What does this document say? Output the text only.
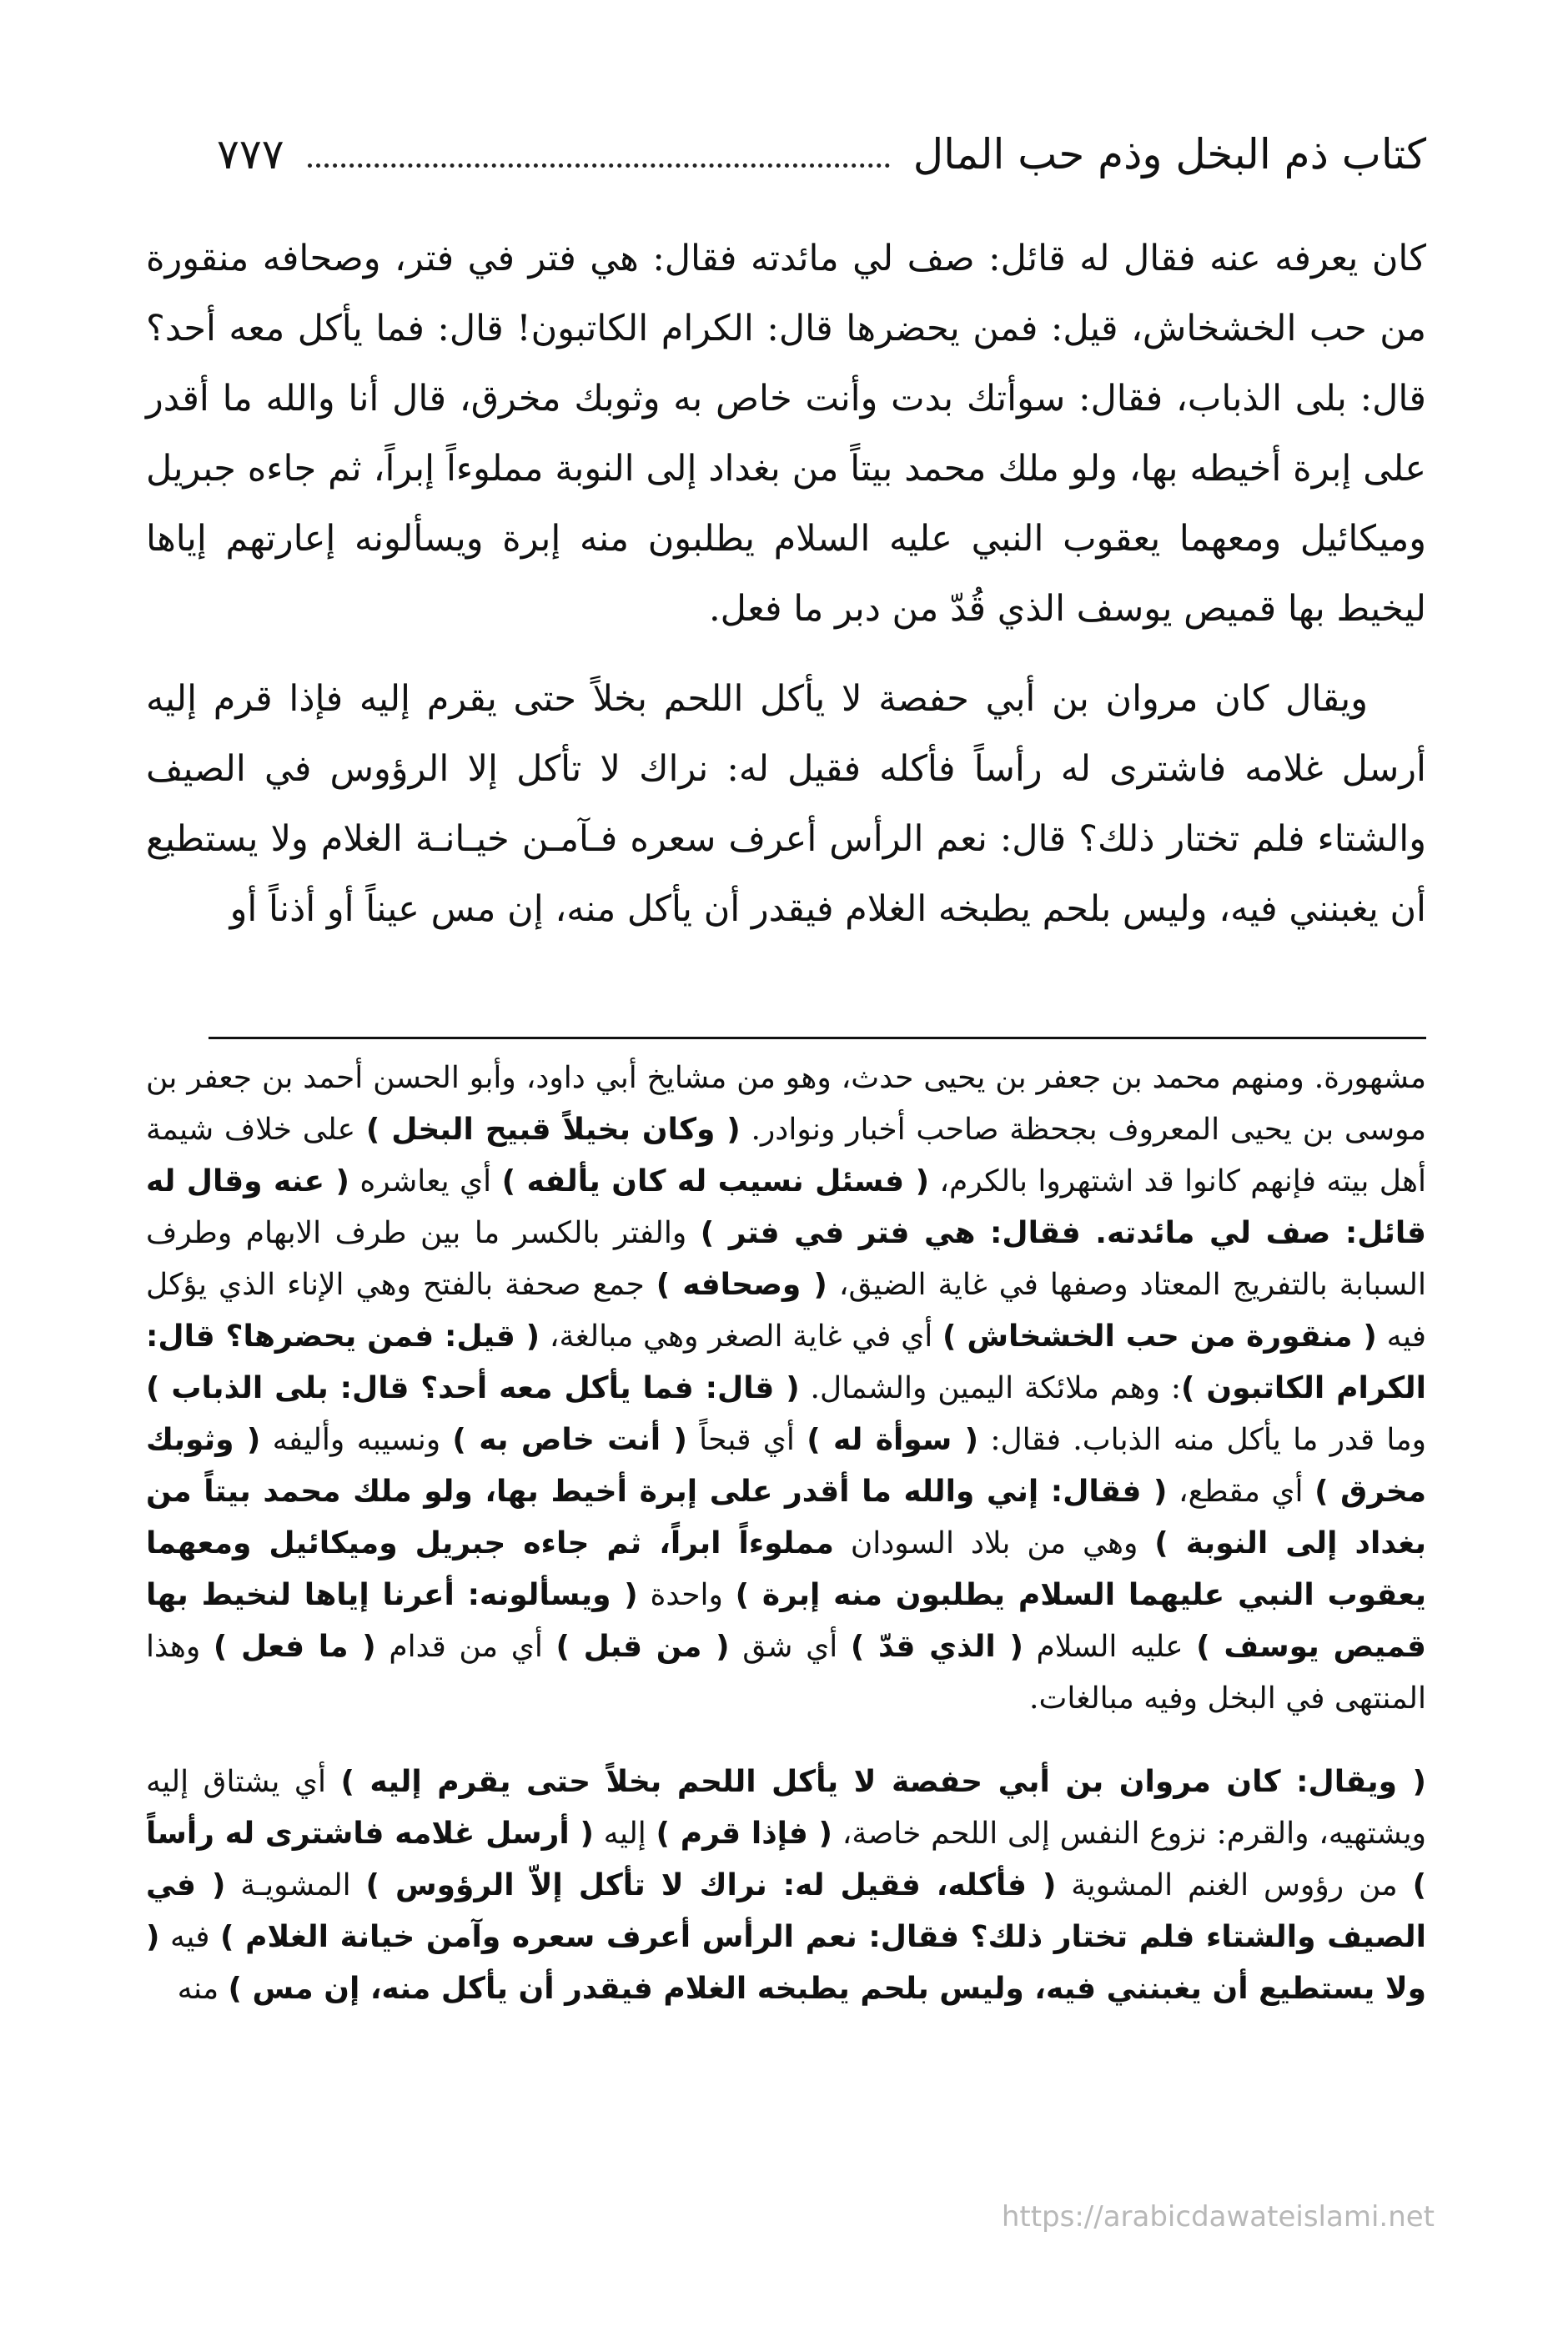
كتاب ذم البخل وذم حب المال
٧٧٧

كان يعرفه عنه فقال له قائل: صف لي مائدته فقال: هي فتر في فتر، وصحافه منقورة من حب الخشخاش، قيل: فمن يحضرها قال: الكرام الكاتبون! قال: فما يأكل معه أحد؟ قال: بلى الذباب، فقال: سوأتك بدت وأنت خاص به وثوبك مخرق، قال أنا والله ما أقدر على إبرة أخيطه بها، ولو ملك محمد بيتاً من بغداد إلى النوبة مملوءاً إبراً، ثم جاءه جبريل وميكائيل ومعهما يعقوب النبي عليه السلام يطلبون منه إبرة ويسألونه إعارتهم إياها ليخيط بها قميص يوسف الذي قُدّ من دبر ما فعل.

ويقال كان مروان بن أبي حفصة لا يأكل اللحم بخلاً حتى يقرم إليه فإذا قرم إليه أرسل غلامه فاشترى له رأساً فأكله فقيل له: نراك لا تأكل إلا الرؤوس في الصيف والشتاء فلم تختار ذلك؟ قال: نعم الرأس أعرف سعره فـآمـن خيـانـة الغلام ولا يستطيع أن يغبنني فيه، وليس بلحم يطبخه الغلام فيقدر أن يأكل منه، إن مس عيناً أو أذناً أو

مشهورة. ومنهم محمد بن جعفر بن يحيى حدث، وهو من مشايخ أبي داود، وأبو الحسن أحمد بن جعفر بن موسى بن يحيى المعروف بجحظة صاحب أخبار ونوادر. ( وكان بخيلاً قبيح البخل ) على خلاف شيمة أهل بيته فإنهم كانوا قد اشتهروا بالكرم، ( فسئل نسيب له كان يألفه ) أي يعاشره ( عنه وقال له قائل: صف لي مائدته. فقال: هي فتر في فتر ) والفتر بالكسر ما بين طرف الابهام وطرف السبابة بالتفريج المعتاد وصفها في غاية الضيق، ( وصحافه ) جمع صحفة بالفتح وهي الإناء الذي يؤكل فيه ( منقورة من حب الخشخاش ) أي في غاية الصغر وهي مبالغة، ( قيل: فمن يحضرها؟ قال: الكرام الكاتبون ): وهم ملائكة اليمين والشمال. ( قال: فما يأكل معه أحد؟ قال: بلى الذباب ) وما قدر ما يأكل منه الذباب. فقال: ( سوأة له ) أي قبحاً ( أنت خاص به ) ونسيبه وأليفه ( وثوبك مخرق ) أي مقطع، ( فقال: إني والله ما أقدر على إبرة أخيط بها، ولو ملك محمد بيتاً من بغداد إلى النوبة ) وهي من بلاد السودان مملوءاً ابراً، ثم جاءه جبريل وميكائيل ومعهما يعقوب النبي عليهما السلام يطلبون منه إبرة ) واحدة ( ويسألونه: أعرنا إياها لنخيط بها قميص يوسف ) عليه السلام ( الذي قدّ ) أي شق ( من قبل ) أي من قدام ( ما فعل ) وهذا المنتهى في البخل وفيه مبالغات.

( ويقال: كان مروان بن أبي حفصة لا يأكل اللحم بخلاً حتى يقرم إليه ) أي يشتاق إليه ويشتهيه، والقرم: نزوع النفس إلى اللحم خاصة، ( فإذا قرم ) إليه ( أرسل غلامه فاشترى له رأساً ) من رؤوس الغنم المشوية ( فأكله، فقيل له: نراك لا تأكل إلاّ الرؤوس ) المشويـة ( في الصيف والشتاء فلم تختار ذلك؟ فقال: نعم الرأس أعرف سعره وآمن خيانة الغلام ) فيه ( ولا يستطيع أن يغبنني فيه، وليس بلحم يطبخه الغلام فيقدر أن يأكل منه، إن مس ) منه

https://arabicdawateislami.net
